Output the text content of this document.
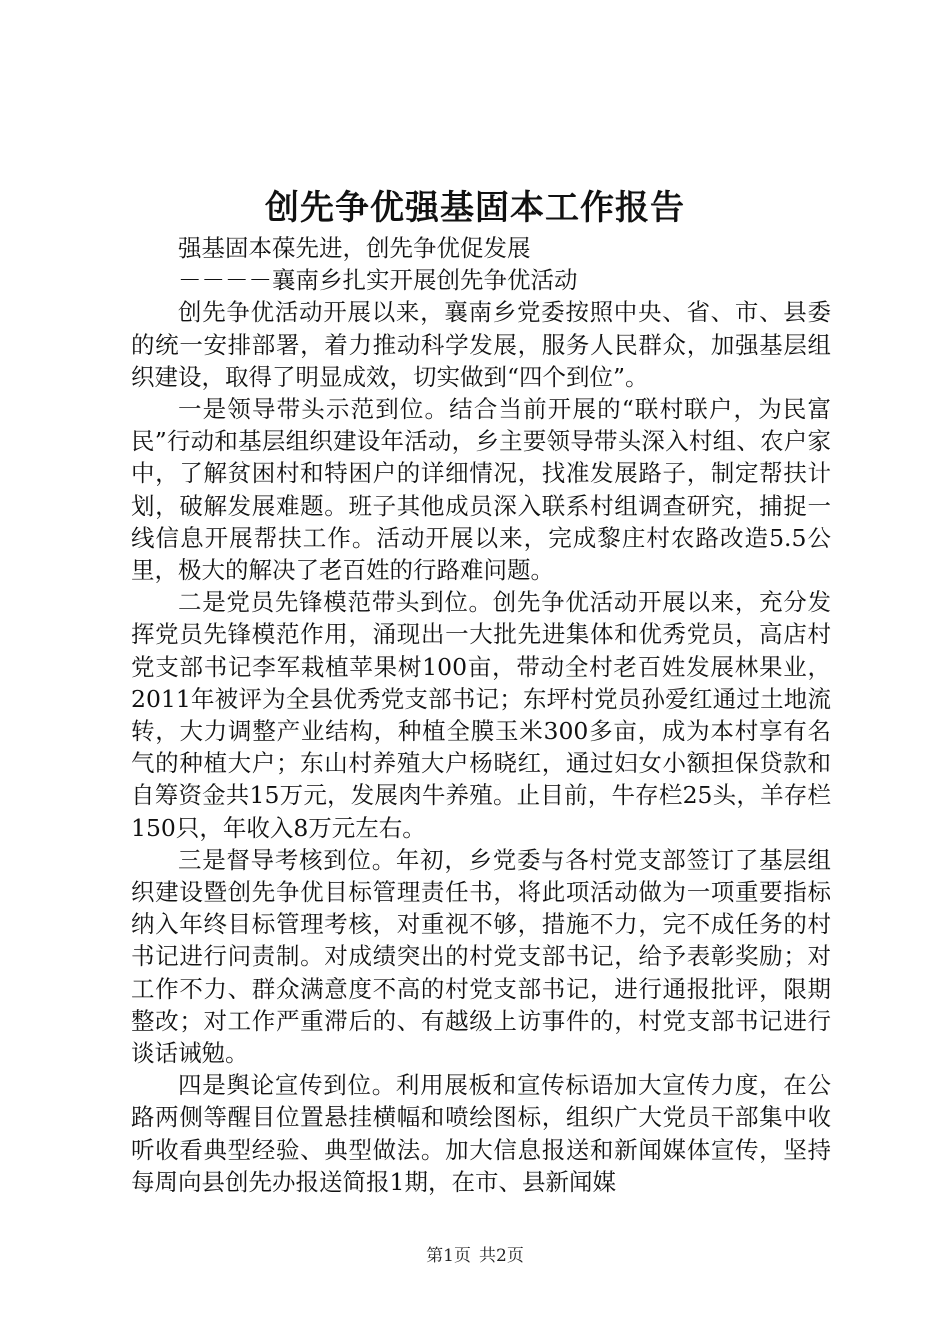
创先争优强基固本工作报告

强基固本葆先进，创先争优促发展

－－－－襄南乡扎实开展创先争优活动

创先争优活动开展以来，襄南乡党委按照中央、省、市、县委的统一安排部署，着力推动科学发展，服务人民群众，加强基层组织建设，取得了明显成效，切实做到“四个到位”。

一是领导带头示范到位。结合当前开展的“联村联户，为民富民”行动和基层组织建设年活动，乡主要领导带头深入村组、农户家中，了解贫困村和特困户的详细情况，找准发展路子，制定帮扶计划，破解发展难题。班子其他成员深入联系村组调查研究，捕捉一线信息开展帮扶工作。活动开展以来，完成黎庄村农路改造5.5公里，极大的解决了老百姓的行路难问题。

二是党员先锋模范带头到位。创先争优活动开展以来，充分发挥党员先锋模范作用，涌现出一大批先进集体和优秀党员，高店村党支部书记李军栽植苹果树100亩，带动全村老百姓发展林果业，2011年被评为全县优秀党支部书记；东坪村党员孙爱红通过土地流转，大力调整产业结构，种植全膜玉米300多亩，成为本村享有名气的种植大户；东山村养殖大户杨晓红，通过妇女小额担保贷款和自筹资金共15万元，发展肉牛养殖。止目前，牛存栏25头，羊存栏150只，年收入8万元左右。

三是督导考核到位。年初，乡党委与各村党支部签订了基层组织建设暨创先争优目标管理责任书，将此项活动做为一项重要指标纳入年终目标管理考核，对重视不够，措施不力，完不成任务的村书记进行问责制。对成绩突出的村党支部书记，给予表彰奖励；对工作不力、群众满意度不高的村党支部书记，进行通报批评，限期整改；对工作严重滞后的、有越级上访事件的，村党支部书记进行谈话诫勉。

四是舆论宣传到位。利用展板和宣传标语加大宣传力度，在公路两侧等醒目位置悬挂横幅和喷绘图标，组织广大党员干部集中收听收看典型经验、典型做法。加大信息报送和新闻媒体宣传，坚持每周向县创先办报送简报1期，在市、县新闻媒

第1页 共2页
